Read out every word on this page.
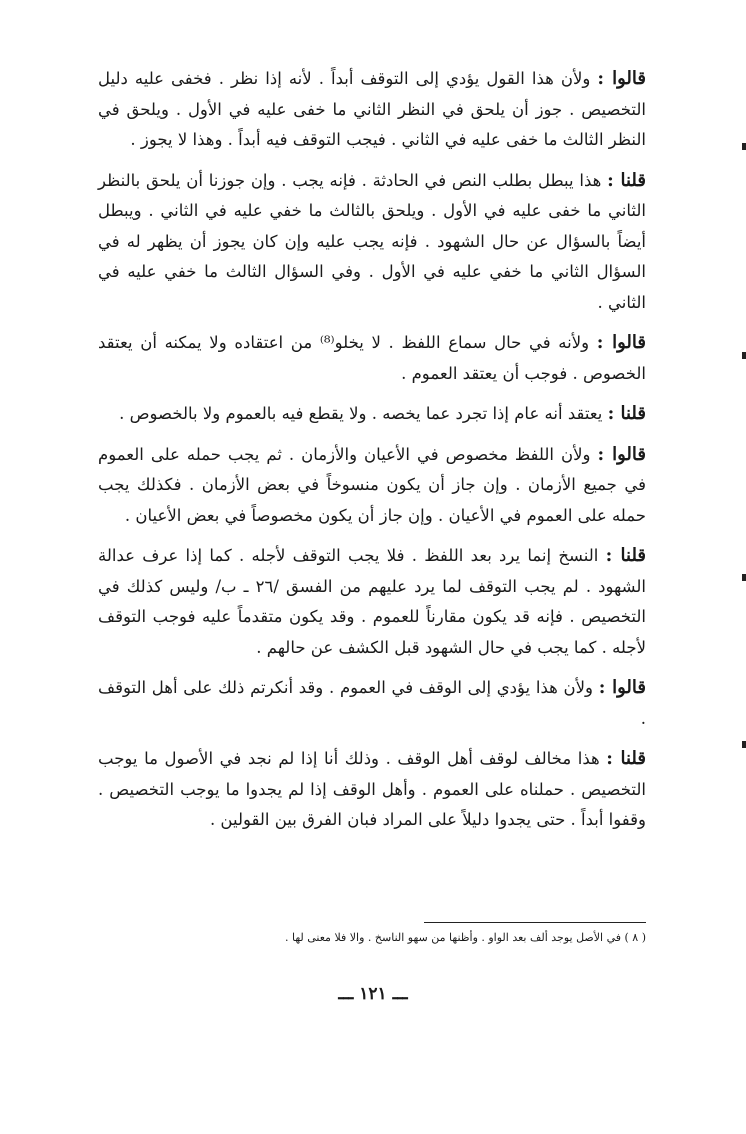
قالوا : ولأن هذا القول يؤدي إلى التوقف أبداً . لأنه إذا نظر . فخفى عليه دليل التخصيص . جوز أن يلحق في النظر الثاني ما خفى عليه في الأول . ويلحق في النظر الثالث ما خفى عليه في الثاني . فيجب التوقف فيه أبداً . وهذا لا يجوز .

قلنا : هذا يبطل بطلب النص في الحادثة . فإنه يجب . وإن جوزنا أن يلحق بالنظر الثاني ما خفى عليه في الأول . ويلحق بالثالث ما خفي عليه في الثاني . ويبطل أيضاً بالسؤال عن حال الشهود . فإنه يجب عليه وإن كان يجوز أن يظهر له في السؤال الثاني ما خفي عليه في الأول . وفي السؤال الثالث ما خفي عليه في الثاني .

قالوا : ولأنه في حال سماع اللفظ . لا يخلو⁽⁸⁾ من اعتقاده ولا يمكنه أن يعتقد الخصوص . فوجب أن يعتقد العموم .

قلنا : يعتقد أنه عام إذا تجرد عما يخصه . ولا يقطع فيه بالعموم ولا بالخصوص .

قالوا : ولأن اللفظ مخصوص في الأعيان والأزمان . ثم يجب حمله على العموم في جميع الأزمان . وإن جاز أن يكون منسوخاً في بعض الأزمان . فكذلك يجب حمله على العموم في الأعيان . وإن جاز أن يكون مخصوصاً في بعض الأعيان .

قلنا : النسخ إنما يرد بعد اللفظ . فلا يجب التوقف لأجله . كما إذا عرف عدالة الشهود . لم يجب التوقف لما يرد عليهم من الفسق /٢٦ ـ ب/ وليس كذلك في التخصيص . فإنه قد يكون مقارناً للعموم . وقد يكون متقدماً عليه فوجب التوقف لأجله . كما يجب في حال الشهود قبل الكشف عن حالهم .

قالوا : ولأن هذا يؤدي إلى الوقف في العموم . وقد أنكرتم ذلك على أهل التوقف .

قلنا : هذا مخالف لوقف أهل الوقف . وذلك أنا إذا لم نجد في الأصول ما يوجب التخصيص . حملناه على العموم . وأهل الوقف إذا لم يجدوا ما يوجب التخصيص . وقفوا أبداً . حتى يجدوا دليلاً على المراد فبان الفرق بين القولين .

( ٨ ) في الأصل يوجد ألف بعد الواو . وأظنها من سهو الناسخ . والا فلا معنى لها .
ـــ ١٢١ ـــ
